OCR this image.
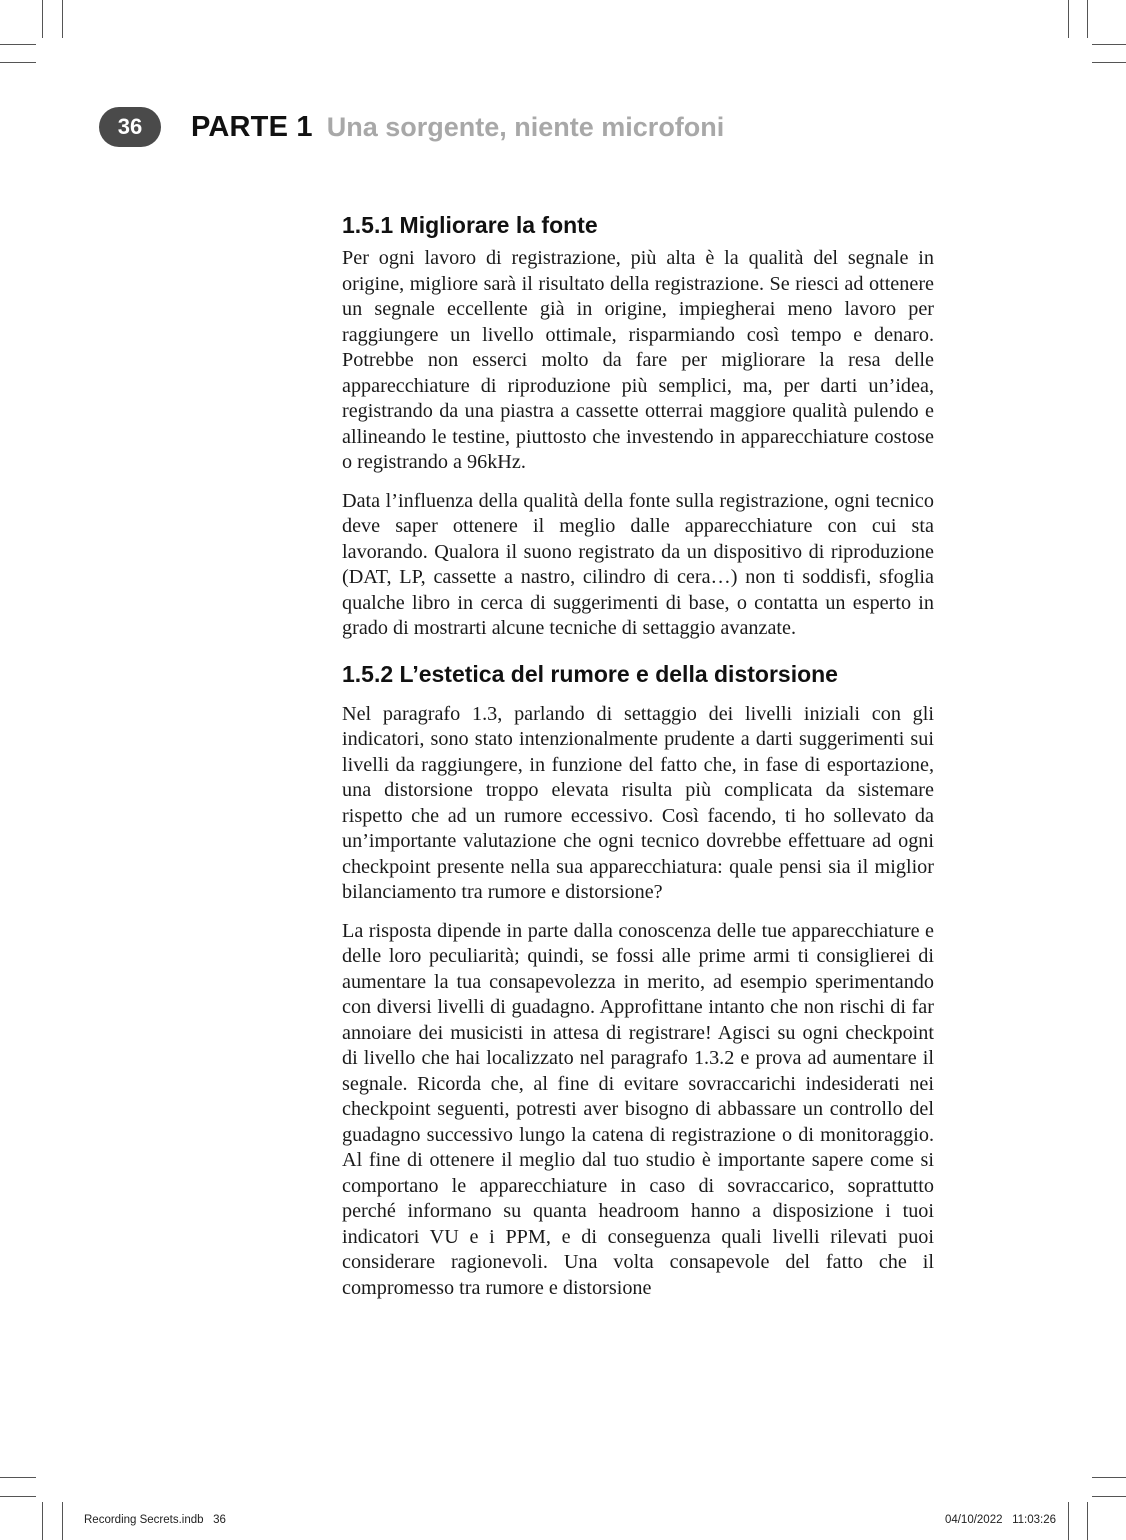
36	PARTE 1 Una sorgente, niente microfoni
1.5.1 Migliorare la fonte

Per ogni lavoro di registrazione, più alta è la qualità del segnale in origine, migliore sarà il risultato della registrazione. Se riesci ad ottenere un segnale eccellente già in origine, impiegherai meno lavoro per raggiungere un livello ottimale, risparmiando così tempo e denaro. Potrebbe non esserci molto da fare per migliorare la resa delle apparecchiature di riproduzione più semplici, ma, per darti un’idea, registrando da una piastra a cassette otterrai maggiore qualità pulendo e allineando le testine, piuttosto che investendo in apparecchiature costose o registrando a 96kHz.

Data l’influenza della qualità della fonte sulla registrazione, ogni tecnico deve saper ottenere il meglio dalle apparecchiature con cui sta lavorando. Qualora il suono registrato da un dispositivo di riproduzione (DAT, LP, cassette a nastro, cilindro di cera…) non ti soddisfi, sfoglia qualche libro in cerca di suggerimenti di base, o contatta un esperto in grado di mostrarti alcune tecniche di settaggio avanzate.

1.5.2 L’estetica del rumore e della distorsione

Nel paragrafo 1.3, parlando di settaggio dei livelli iniziali con gli indicatori, sono stato intenzionalmente prudente a darti suggerimenti sui livelli da raggiungere, in funzione del fatto che, in fase di esportazione, una distorsione troppo elevata risulta più complicata da sistemare rispetto che ad un rumore eccessivo. Così facendo, ti ho sollevato da un’importante valutazione che ogni tecnico dovrebbe effettuare ad ogni checkpoint presente nella sua apparecchiatura: quale pensi sia il miglior bilanciamento tra rumore e distorsione?

La risposta dipende in parte dalla conoscenza delle tue apparecchiature e delle loro peculiarità; quindi, se fossi alle prime armi ti consiglierei di aumentare la tua consapevolezza in merito, ad esempio sperimentando con diversi livelli di guadagno. Approfittane intanto che non rischi di far annoiare dei musicisti in attesa di registrare! Agisci su ogni checkpoint di livello che hai localizzato nel paragrafo 1.3.2 e prova ad aumentare il segnale. Ricorda che, al fine di evitare sovraccarichi indesiderati nei checkpoint seguenti, potresti aver bisogno di abbassare un controllo del guadagno successivo lungo la catena di registrazione o di monitoraggio. Al fine di ottenere il meglio dal tuo studio è importante sapere come si comportano le apparecchiature in caso di sovraccarico, soprattutto perché informano su quanta headroom hanno a disposizione i tuoi indicatori VU e i PPM, e di conseguenza quali livelli rilevati puoi considerare ragionevoli. Una volta consapevole del fatto che il compromesso tra rumore e distorsione

Recording Secrets.indb   36	04/10/2022   11:03:26
